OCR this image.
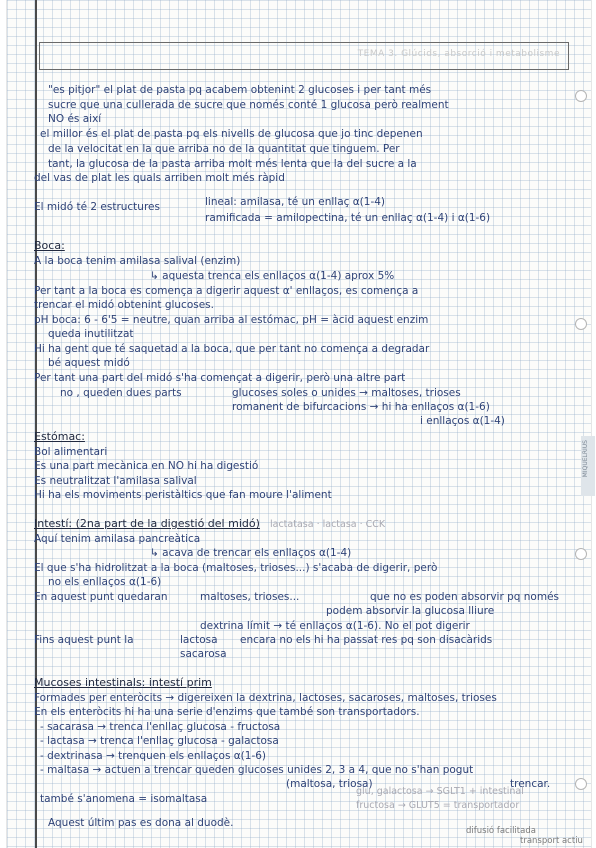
TEMA 3. Glúcids, absorció i metabolisme
MIQUELRIUS
"es pitjor" el plat de pasta pq acabem obtenint 2 glucoses i per tant més
sucre que una cullerada de sucre que només conté 1 glucosa però realment
NO és així
el millor és el plat de pasta pq els nivells de glucosa que jo tinc depenen
de la velocitat en la que arriba no de la quantitat que tinguem. Per
tant, la glucosa de la pasta arriba molt més lenta que la del sucre a la
del vas de plat les quals arriben molt més ràpid
El midó té 2 estructures	lineal: amilasa, té un enllaç α(1-4)
ramificada = amilopectina, té un enllaç α(1-4) i α(1-6)
Boca:
A la boca tenim amilasa salival (enzim)
↳ aquesta trenca els enllaços α(1-4) aprox 5%
Per tant a la boca es comença a digerir aquest α' enllaços, es comença a
trencar el midó obtenint glucoses.
pH boca: 6 - 6'5 = neutre, quan arriba al estómac, pH = àcid aquest enzim
queda inutilitzat
Hi ha gent que té saquetad a la boca, que per tant no comença a degradar
bé aquest midó
Per tant una part del midó s'ha començat a digerir, però una altre part
no , queden dues parts	glucoses soles o unides → maltoses, trioses
romanent de bifurcacions → hi ha enllaços α(1-6)
i enllaços α(1-4)
Estómac:
Bol alimentari
Es una part mecànica en NO hi ha digestió
Es neutralitzat l'amilasa salival
Hi ha els moviments peristàltics que fan moure l'aliment
Intestí: (2na part de la digestió del midó)
Aquí tenim amilasa pancreàtica
↳ acava de trencar els enllaços α(1-4)
El que s'ha hidrolitzat a la boca (maltoses, trioses...) s'acaba de digerir, però
no els enllaços α(1-6)
En aquest punt quedaran	maltoses, trioses...	que no es poden absorvir pq només
podem absorvir la glucosa lliure
dextrina límit → té enllaços α(1-6). No el pot digerir
Fins aquest punt la	lactosa encara no els hi ha passat res pq son disacàrids
sacarosa
Mucoses intestinals: intestí prim
Formades per enteròcits → digereixen la dextrina, lactoses, sacaroses, maltoses, trioses
En els enteròcits hi ha una serie d'enzims que també son transportadors.
- sacarasa → trenca l'enllaç glucosa - fructosa
- lactasa → trenca l'enllaç glucosa - galactosa
- dextrinasa → trenquen els enllaços α(1-6)
- maltasa → actuen a trencar queden glucoses unides 2, 3 a 4, que no s'han pogut
(maltosa, triosa)	trencar.
també s'anomena = isomaltasa
Aquest últim pas es dona al duodè.
lactatasa · lactasa · CCK
glu, galactosa → SGLT1 + intestinal
fructosa → GLUT5 = transportador
difusió facilitada
transport actiu
